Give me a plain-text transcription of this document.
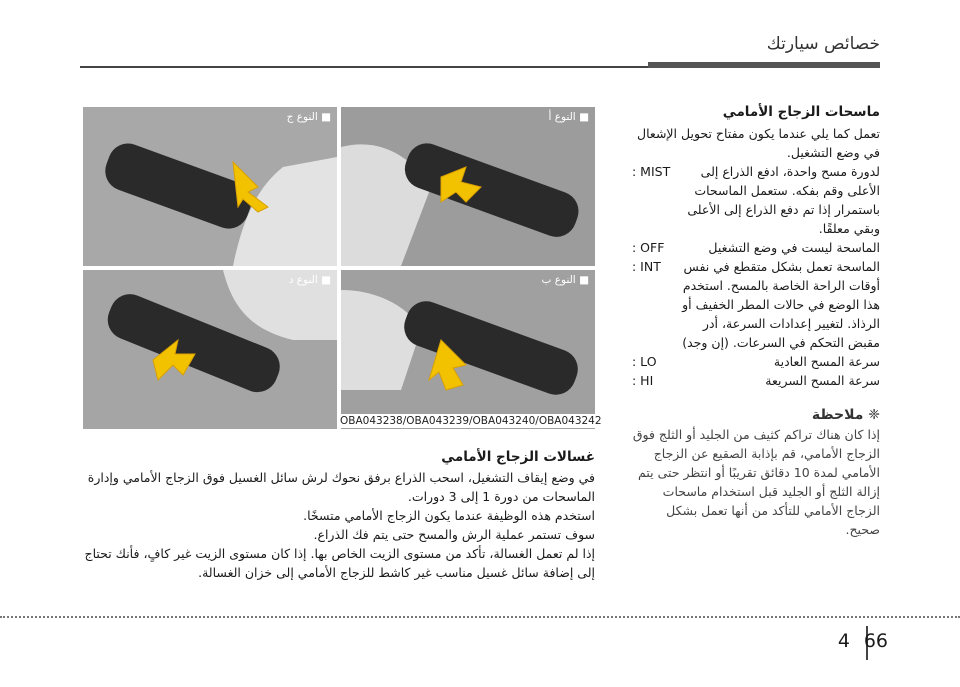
خصائص سيارتك
ماسحات الزجاج الأمامي
تعمل كما يلي عندما يكون مفتاح تحويل الإشعال في وضع التشغيل.
لدورة مسح واحدة، ادفع الذراع إلى الأعلى وقم بفكه. ستعمل الماسحات باستمرار إذا تم دفع الذراع إلى الأعلى وبقي معلقًا.
: MIST
الماسحة ليست في وضع التشغيل
: OFF
الماسحة تعمل بشكل متقطع في نفس أوقات الراحة الخاصة بالمسح. استخدم هذا الوضع في حالات المطر الخفيف أو الرذاذ. لتغيير إعدادات السرعة، أدر مقبض التحكم في السرعات. (إن وجد)
: INT
سرعة المسح العادية
: LO
سرعة المسح السريعة
: HI
❈ ملاحظة
إذا كان هناك تراكم كثيف من الجليد أو الثلج فوق الزجاج الأمامي، قم بإذابة الصقيع عن الزجاج الأمامي لمدة 10 دقائق تقريبًا أو انتظر حتى يتم إزالة الثلج أو الجليد قبل استخدام ماسحات الزجاج الأمامي للتأكد من أنها تعمل بشكل صحيح.
■ النوع ج	■ النوع أ
■ النوع د	■ النوع ب
OBA043238/OBA043239/OBA043240/OBA043242
غسالات الزجاج الأمامي
في وضع إيقاف التشغيل، اسحب الذراع برفق نحوك لرش سائل الغسيل فوق الزجاج الأمامي وإدارة الماسحات من دورة 1 إلى 3 دورات.
استخدم هذه الوظيفة عندما يكون الزجاج الأمامي متسخًا.
سوف تستمر عملية الرش والمسح حتى يتم فك الذراع.
إذا لم تعمل الغسالة، تأكد من مستوى الزيت الخاص بها. إذا كان مستوى الزيت غير كافٍ، فأنك تحتاج إلى إضافة سائل غسيل مناسب غير كاشط للزجاج الأمامي إلى خزان الغسالة.
4 66
